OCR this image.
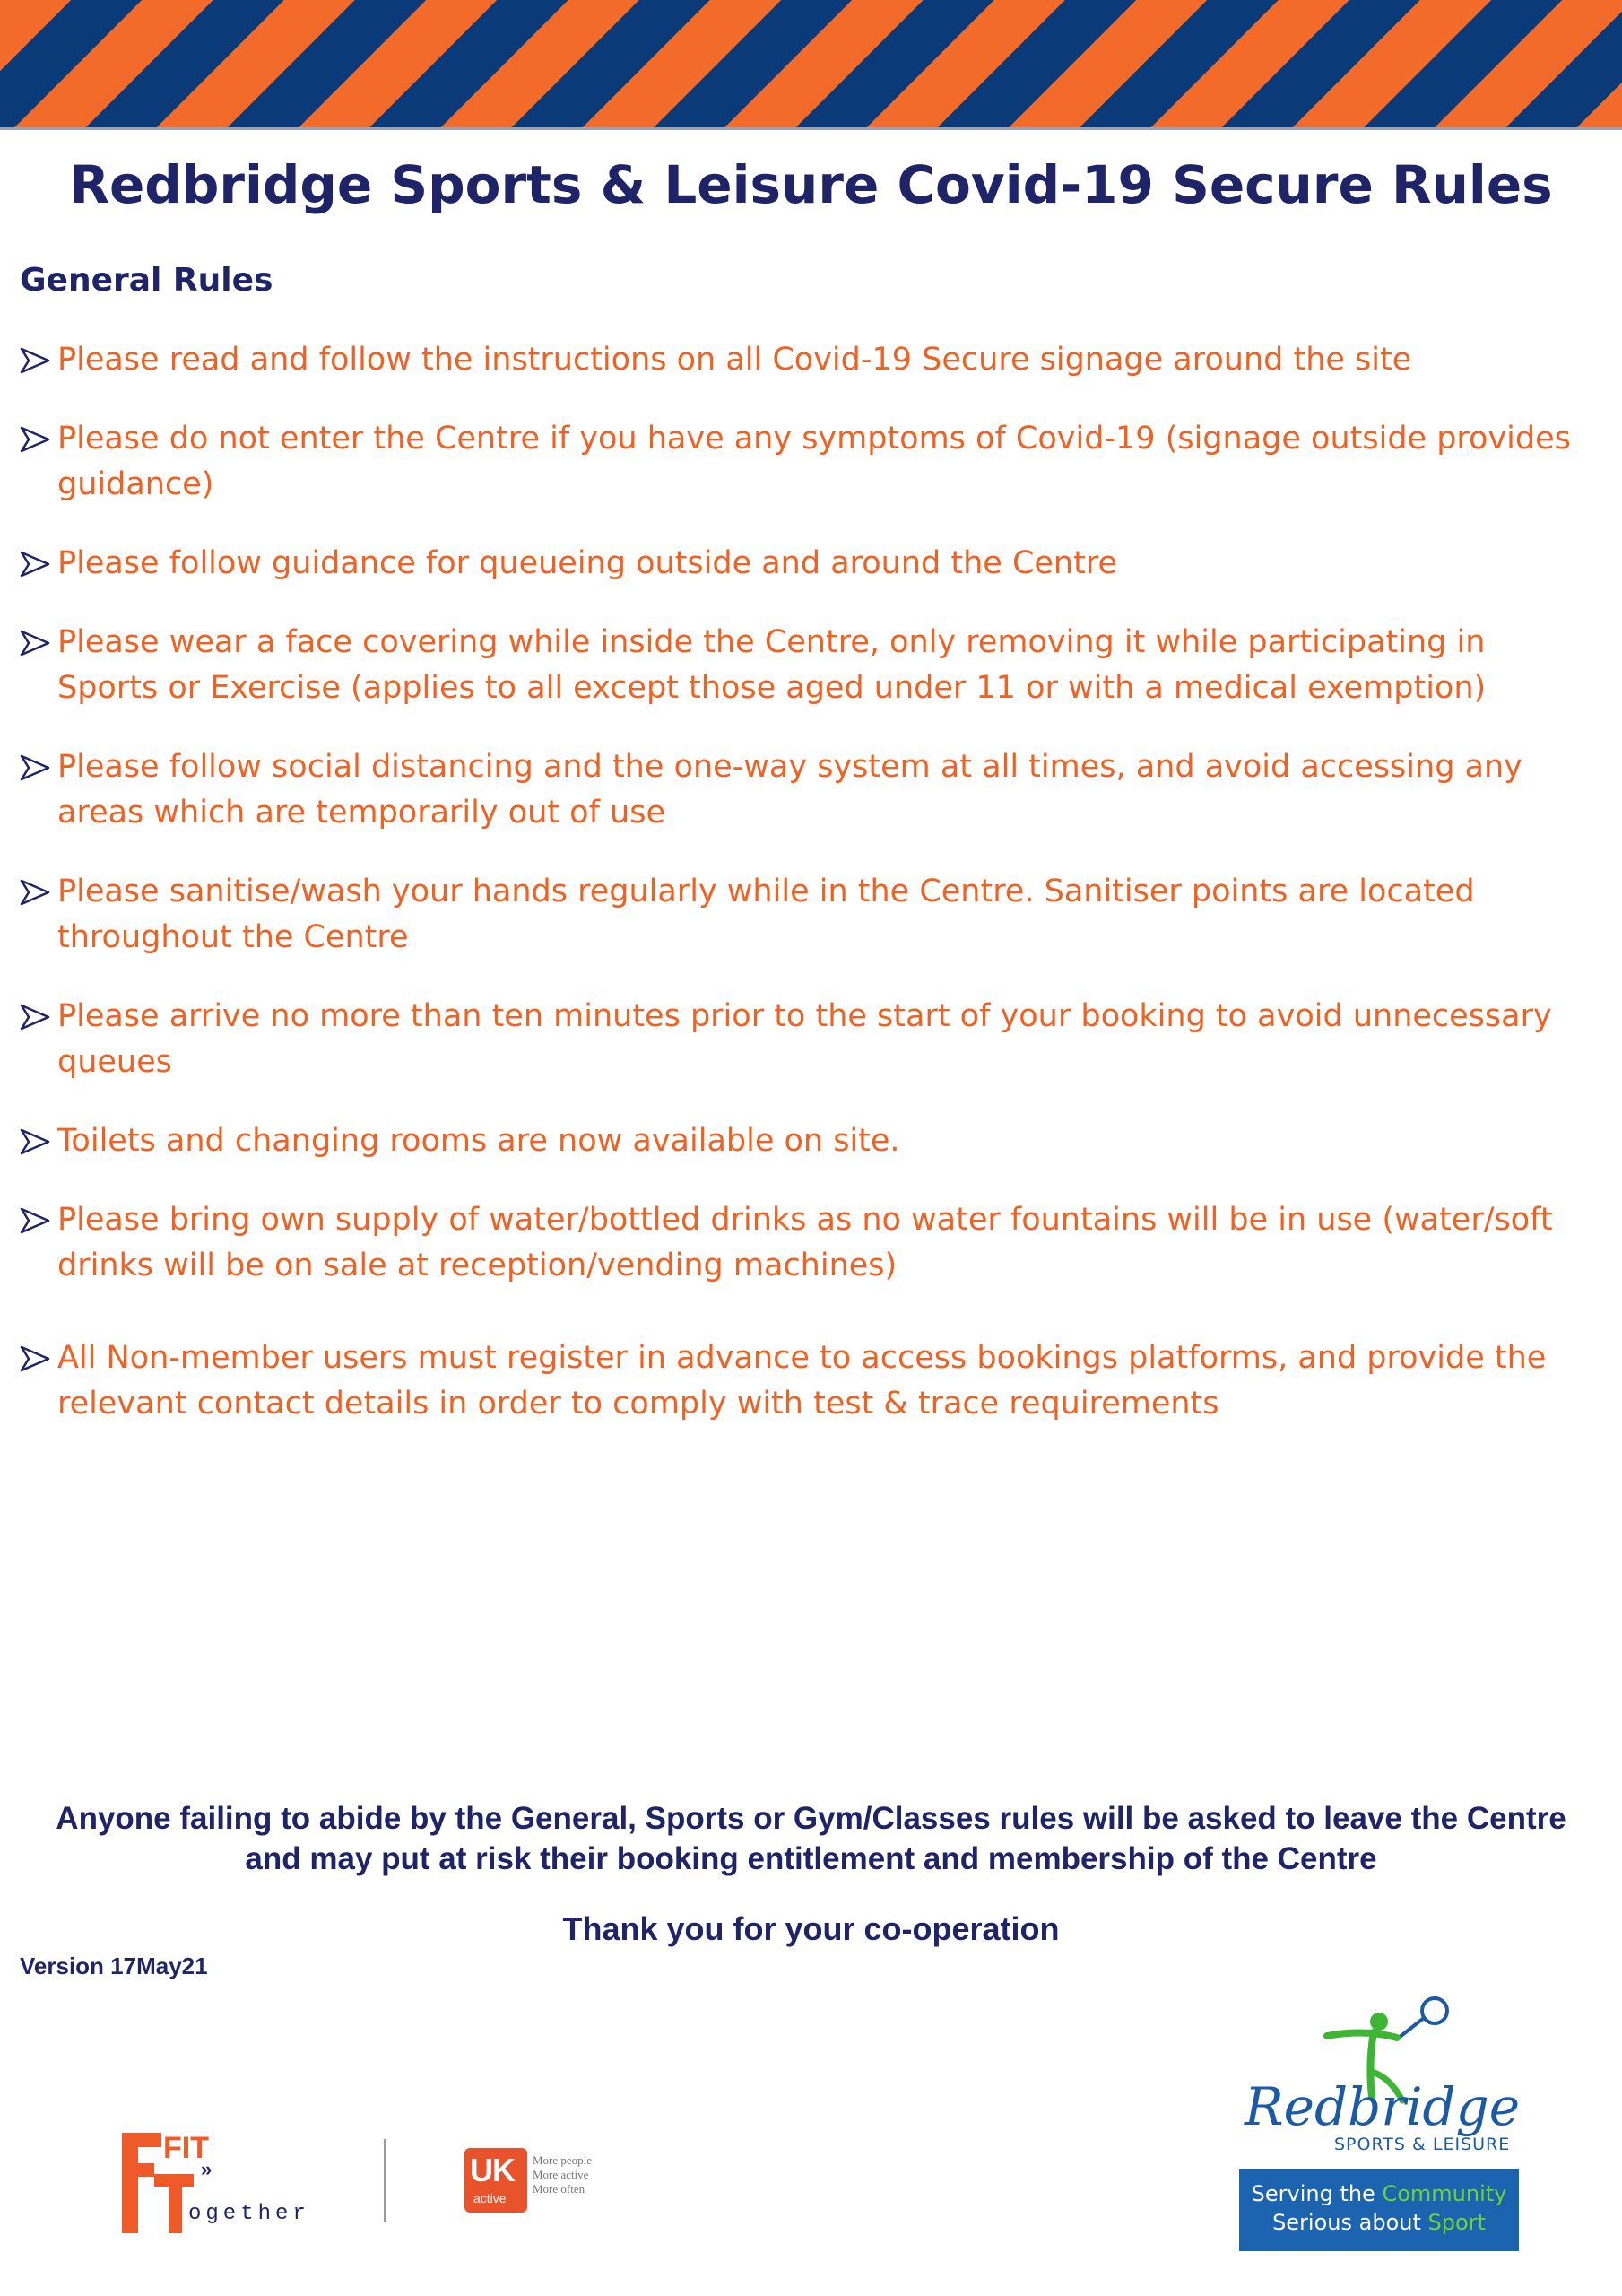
Redbridge Sports & Leisure Covid-19 Secure Rules
General Rules
Please read and follow the instructions on all Covid-19 Secure signage around the site
Please do not enter the Centre if you have any symptoms of Covid-19 (signage outside provides guidance)
Please follow guidance for queueing outside and around the Centre
Please wear a face covering while inside the Centre, only removing it while participating in Sports or Exercise (applies to all except those aged under 11 or with a medical exemption)
Please follow social distancing and the one-way system at all times, and avoid accessing any areas which are temporarily out of use
Please sanitise/wash your hands regularly while in the Centre. Sanitiser points are located throughout the Centre
Please arrive no more than ten minutes prior to the start of your booking to avoid unnecessary queues
Toilets and changing rooms are now available on site.
Please bring own supply of water/bottled drinks as no water fountains will be in use (water/soft drinks will be on sale at reception/vending machines)
All Non-member users must register in advance to access bookings platforms, and provide the relevant contact details in order to comply with test & trace requirements
Anyone failing to abide by the General, Sports or Gym/Classes rules will be asked to leave the Centre
and may put at risk their booking entitlement and membership of the Centre
Thank you for your co-operation
Version 17May21
FIT
»
ogether
UK
active
More people
More active
More often
Redbridge
SPORTS & LEISURE
Serving the Community
Serious about Sport
